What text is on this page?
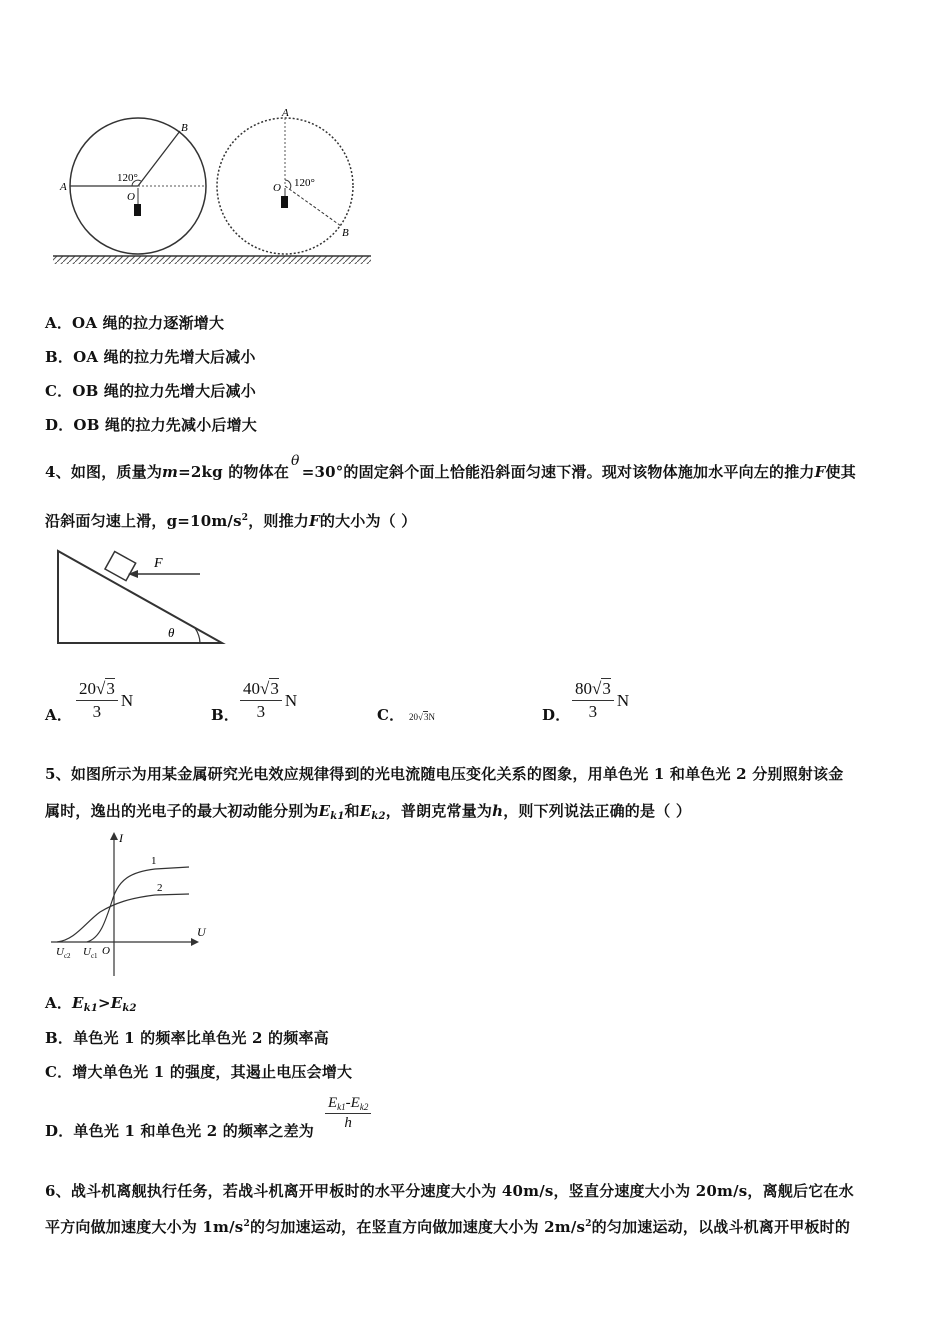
A
B
O
120°
A
B
O 120°
A．OA 绳的拉力逐渐增大
B．OA 绳的拉力先增大后减小
C．OB 绳的拉力先增大后减小
D．OB 绳的拉力先减小后增大
4、如图，质量为m=2kg 的物体在θ=30°的固定斜个面上恰能沿斜面匀速下滑。现对该物体施加水平向左的推力F使其
沿斜面匀速上滑，$g=10m/s^2$，则推力F的大小为（ ）
F
θ
A． $\frac{20√3}{3}$ N
B． $\frac{40√3}{3}$ N
C． 20√3N	D． $\frac{80√3}{3}$ N
5、如图所示为用某金属研究光电效应规律得到的光电流随电压变化关系的图象，用单色光 1 和单色光 2 分别照射该金
属时，逸出的光电子的最大初动能分别为$E_{k1}$和$E_{k2}$，普朗克常量为h，则下列说法正确的是（ ）
I
U
1
2
$U_{c2}$ $U_{c1}$ O
A．$E_{k1}>E_{k2}$
B．单色光 1 的频率比单色光 2 的频率高
C．增大单色光 1 的强度，其遏止电压会增大
D．单色光 1 和单色光 2 的频率之差为 $\frac{E_{k1}-E_{k2}}{h}$
6、战斗机离舰执行任务，若战斗机离开甲板时的水平分速度大小为 40m/s，竖直分速度大小为 20m/s，离舰后它在水
平方向做加速度大小为 $1m/s^2$的匀加速运动，在竖直方向做加速度大小为 $2m/s^2$的匀加速运动，以战斗机离开甲板时的
